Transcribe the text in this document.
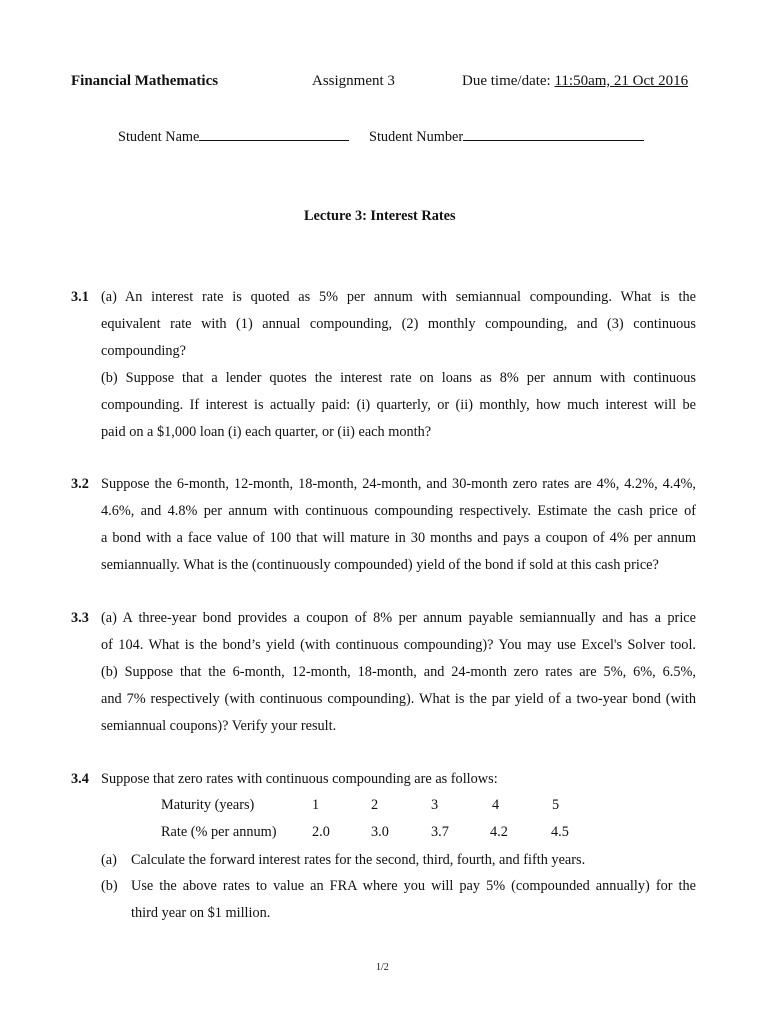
Financial Mathematics	Assignment 3	Due time/date: 11:50am, 21 Oct 2016
Student Name	Student Number
Lecture 3: Interest Rates
3.1 (a) An interest rate is quoted as 5% per annum with semiannual compounding. What is the
equivalent rate with (1) annual compounding, (2) monthly compounding, and (3) continuous
compounding?
(b) Suppose that a lender quotes the interest rate on loans as 8% per annum with continuous
compounding. If interest is actually paid: (i) quarterly, or (ii) monthly, how much interest will be
paid on a $1,000 loan (i) each quarter, or (ii) each month?
3.2 Suppose the 6-month, 12-month, 18-month, 24-month, and 30-month zero rates are 4%, 4.2%, 4.4%,
4.6%, and 4.8% per annum with continuous compounding respectively. Estimate the cash price of
a bond with a face value of 100 that will mature in 30 months and pays a coupon of 4% per annum
semiannually. What is the (continuously compounded) yield of the bond if sold at this cash price?
3.3 (a) A three-year bond provides a coupon of 8% per annum payable semiannually and has a price
of 104. What is the bond’s yield (with continuous compounding)? You may use Excel's Solver tool.
(b) Suppose that the 6-month, 12-month, 18-month, and 24-month zero rates are 5%, 6%, 6.5%,
and 7% respectively (with continuous compounding). What is the par yield of a two-year bond (with
semiannual coupons)? Verify your result.
3.4 Suppose that zero rates with continuous compounding are as follows:
Maturity (years)	1	2	3	4	5
Rate (% per annum) 2.0	3.0	3.7	4.2	4.5
(a) Calculate the forward interest rates for the second, third, fourth, and fifth years.
(b) Use the above rates to value an FRA where you will pay 5% (compounded annually) for the
third year on $1 million.
1/2
